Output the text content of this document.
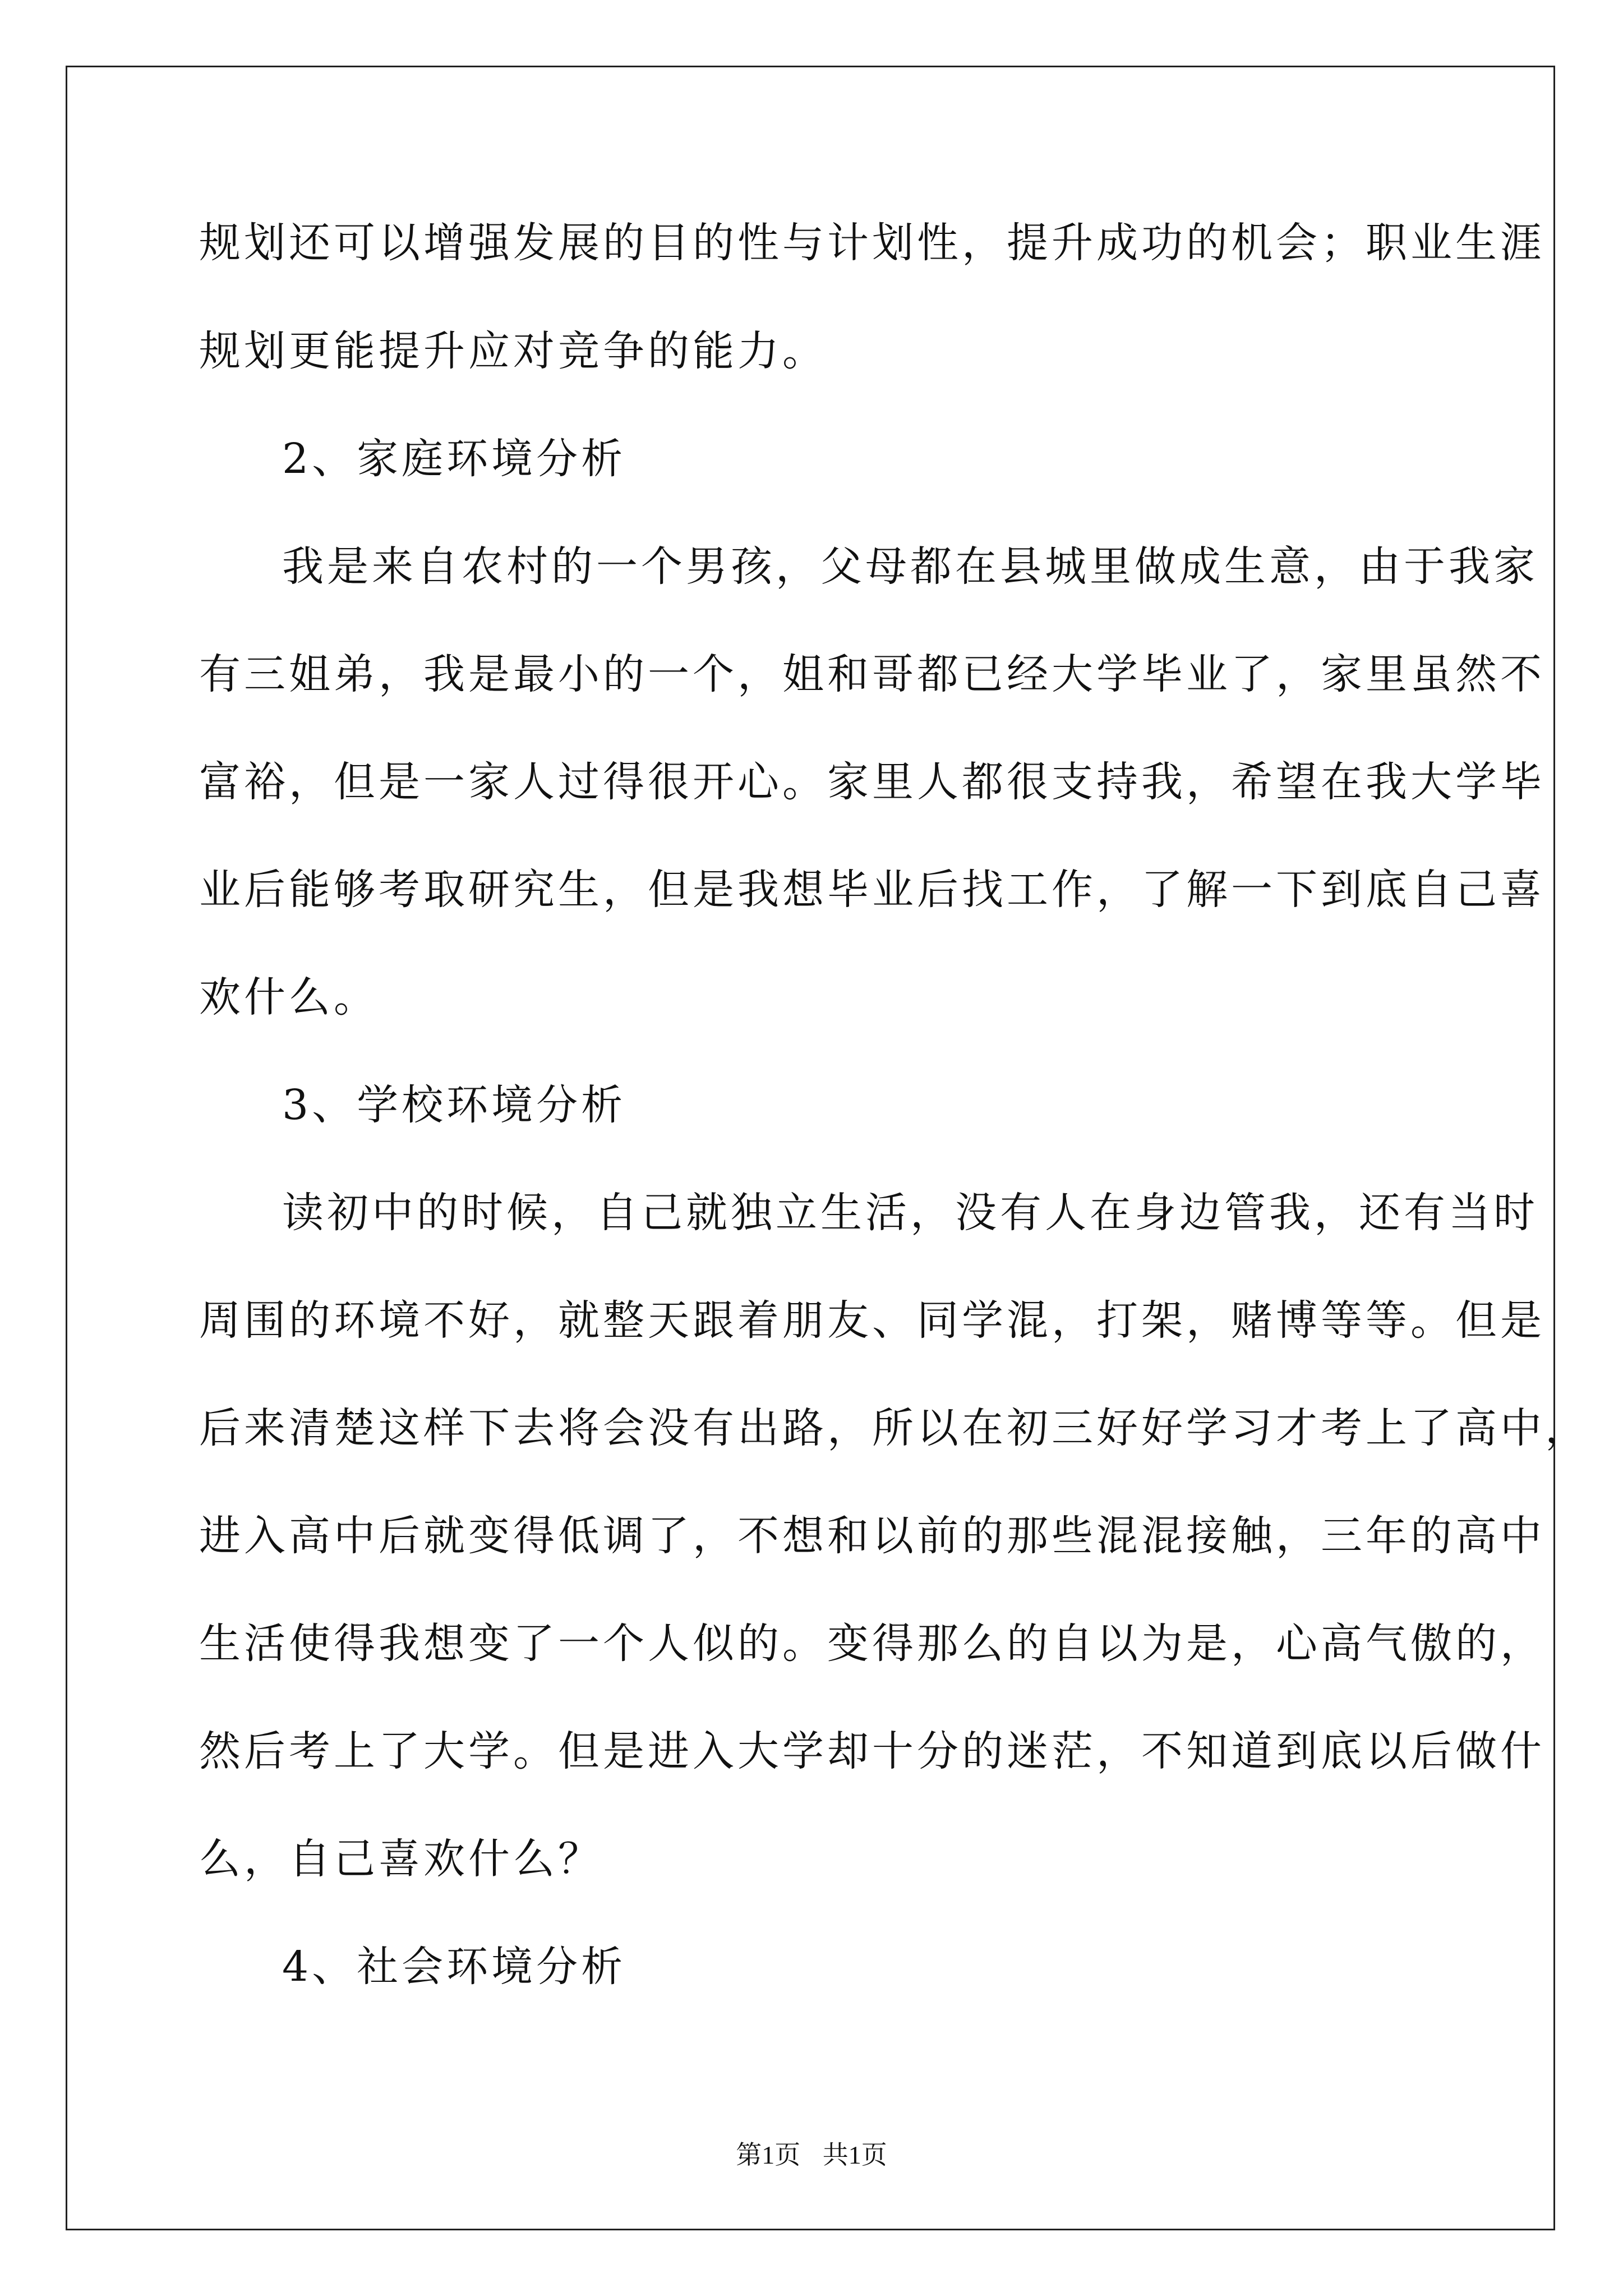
规划还可以增强发展的目的性与计划性，提升成功的机会；职业生涯
规划更能提升应对竞争的能力。
2、家庭环境分析
我是来自农村的一个男孩，父母都在县城里做成生意，由于我家
有三姐弟，我是最小的一个，姐和哥都已经大学毕业了，家里虽然不
富裕，但是一家人过得很开心。家里人都很支持我，希望在我大学毕
业后能够考取研究生，但是我想毕业后找工作，了解一下到底自己喜
欢什么。
3、学校环境分析
读初中的时候，自己就独立生活，没有人在身边管我，还有当时
周围的环境不好，就整天跟着朋友、同学混，打架，赌博等等。但是
后来清楚这样下去将会没有出路，所以在初三好好学习才考上了高中，
进入高中后就变得低调了，不想和以前的那些混混接触，三年的高中
生活使得我想变了一个人似的。变得那么的自以为是，心高气傲的，
然后考上了大学。但是进入大学却十分的迷茫，不知道到底以后做什
么，自己喜欢什么？
4、社会环境分析
第1页 共1页
